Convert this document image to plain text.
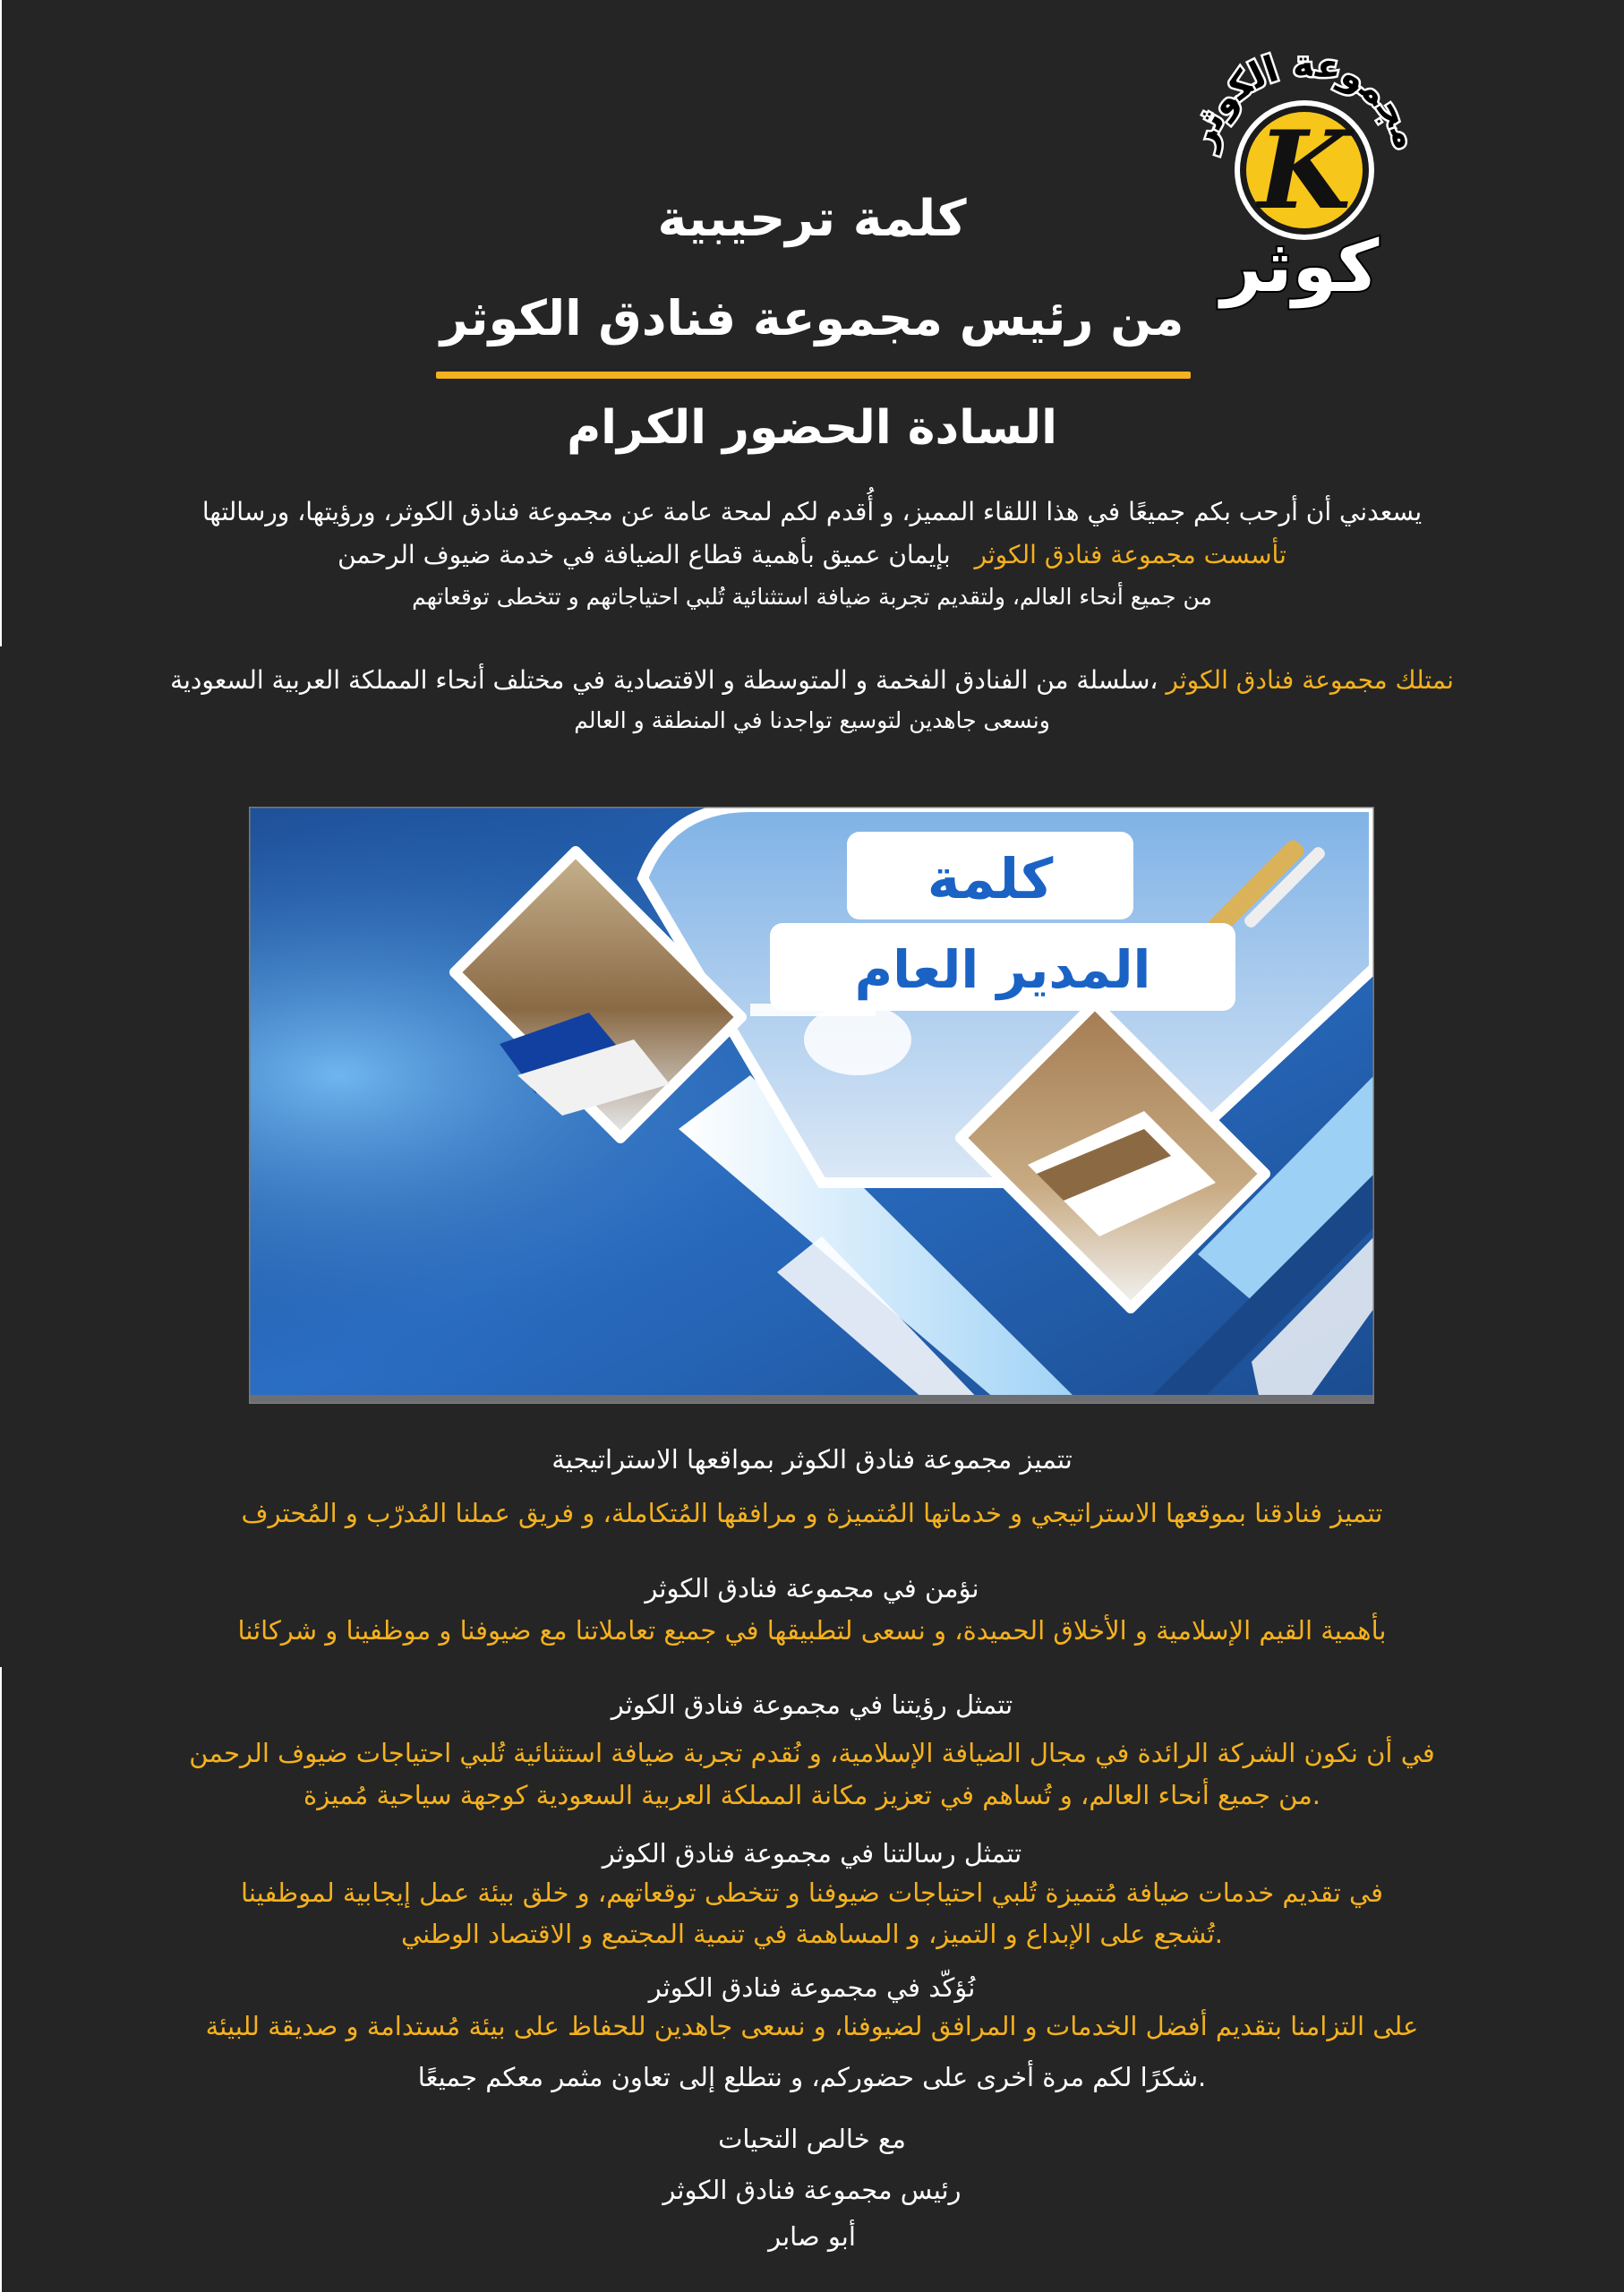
مجموعة الكوثر
K
كوثر
كلمة ترحيبية
من رئيس مجموعة فنادق الكوثر
السادة الحضور الكرام

يسعدني أن أرحب بكم جميعًا في هذا اللقاء المميز، و أُقدم لكم لمحة عامة عن مجموعة فنادق الكوثر، ورؤيتها، ورسالتها

تأسست مجموعة فنادق الكوثر   بإيمان عميق بأهمية قطاع الضيافة في خدمة ضيوف الرحمن

من جميع أنحاء العالم، ولتقديم تجربة ضيافة استثنائية تُلبي احتياجاتهم و تتخطى توقعاتهم

نمتلك مجموعة فنادق الكوثر ،سلسلة من الفنادق الفخمة و المتوسطة و الاقتصادية في مختلف أنحاء المملكة العربية السعودية

ونسعى جاهدين لتوسيع تواجدنا في المنطقة و العالم

كلمة
المدير العام

تتميز مجموعة فنادق الكوثر بمواقعها الاستراتيجية

تتميز فنادقنا بموقعها الاستراتيجي و خدماتها المُتميزة و مرافقها المُتكاملة، و فريق عملنا المُدرّب و المُحترف

نؤمن في مجموعة فنادق الكوثر

بأهمية القيم الإسلامية و الأخلاق الحميدة، و نسعى لتطبيقها في جميع تعاملاتنا مع ضيوفنا و موظفينا و شركائنا

تتمثل رؤيتنا في مجموعة فنادق الكوثر

في أن نكون الشركة الرائدة في مجال الضيافة الإسلامية، و نُقدم تجربة ضيافة استثنائية تُلبي احتياجات ضيوف الرحمن

.من جميع أنحاء العالم، و تُساهم في تعزيز مكانة المملكة العربية السعودية كوجهة سياحية مُميزة

تتمثل رسالتنا في مجموعة فنادق الكوثر

في تقديم خدمات ضيافة مُتميزة تُلبي احتياجات ضيوفنا و تتخطى توقعاتهم، و خلق بيئة عمل إيجابية لموظفينا

.تُشجع على الإبداع و التميز، و المساهمة في تنمية المجتمع و الاقتصاد الوطني

نُؤكّد في مجموعة فنادق الكوثر

على التزامنا بتقديم أفضل الخدمات و المرافق لضيوفنا، و نسعى جاهدين للحفاظ على بيئة مُستدامة و صديقة للبيئة

.شكرًا لكم مرة أخرى على حضوركم، و نتطلع إلى تعاون مثمر معكم جميعًا

مع خالص التحيات

رئيس مجموعة فنادق الكوثر

أبو صابر
